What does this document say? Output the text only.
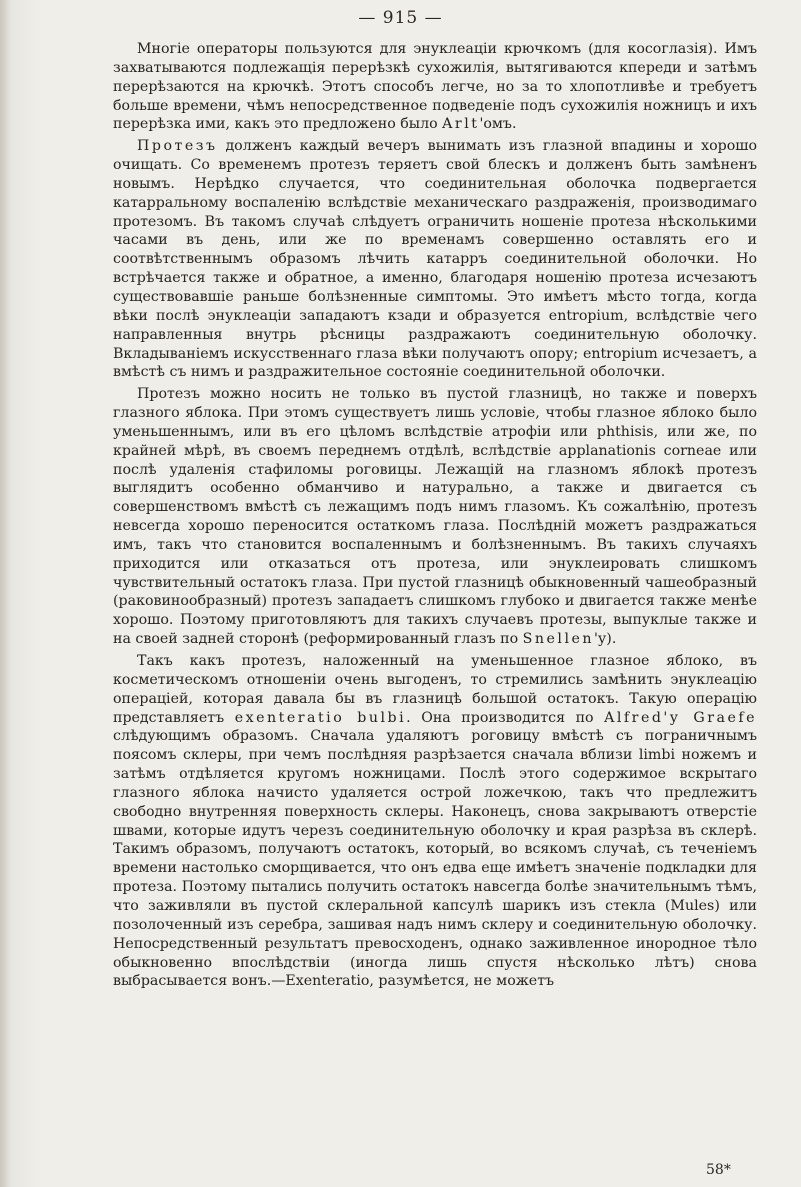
— 915 —

Многіе операторы пользуются для энуклеаціи крючкомъ (для косоглазія). Имъ захватываются подлежащія перерѣзкѣ сухожилія, вытягиваются кпереди и затѣмъ перерѣзаются на крючкѣ. Этотъ способъ легче, но за то хлопотливѣе и требуетъ больше времени, чѣмъ непосредственное подведеніе подъ сухожилія ножницъ и ихъ перерѣзка ими, какъ это предложено было Arlt'омъ.

Протезъ долженъ каждый вечеръ вынимать изъ глазной впадины и хорошо очищать. Со временемъ протезъ теряетъ свой блескъ и долженъ быть замѣненъ новымъ. Нерѣдко случается, что соединительная оболочка подвергается катарральному воспаленію вслѣдствіе механическаго раздраженія, производимаго протезомъ. Въ такомъ случаѣ слѣдуетъ ограничить ношеніе протеза нѣсколькими часами въ день, или же по временамъ совершенно оставлять его и соотвѣтственнымъ образомъ лѣчить катарръ соединительной оболочки. Но встрѣчается также и обратное, а именно, благодаря ношенію протеза исчезаютъ существовавшіе раньше болѣзненные симптомы. Это имѣетъ мѣсто тогда, когда вѣки послѣ энуклеаціи западаютъ кзади и образуется entropium, вслѣдствіе чего направленныя внутрь рѣсницы раздражаютъ соединительную оболочку. Вкладываніемъ искусственнаго глаза вѣки получаютъ опору; entropium исчезаетъ, а вмѣстѣ съ нимъ и раздражительное состояніе соединительной оболочки.

Протезъ можно носить не только въ пустой глазницѣ, но также и поверхъ глазного яблока. При этомъ существуетъ лишь условіе, чтобы глазное яблоко было уменьшеннымъ, или въ его цѣломъ вслѣдствіе атрофіи или phthisis, или же, по крайней мѣрѣ, въ своемъ переднемъ отдѣлѣ, вслѣдствіе applanationis corneae или послѣ удаленія стафиломы роговицы. Лежащій на глазномъ яблокѣ протезъ выглядитъ особенно обманчиво и натурально, а также и двигается съ совершенствомъ вмѣстѣ съ лежащимъ подъ нимъ глазомъ. Къ сожалѣнію, протезъ невсегда хорошо переносится остаткомъ глаза. Послѣдній можетъ раздражаться имъ, такъ что становится воспаленнымъ и болѣзненнымъ. Въ такихъ случаяхъ приходится или отказаться отъ протеза, или энуклеировать слишкомъ чувствительный остатокъ глаза. При пустой глазницѣ обыкновенный чашеобразный (раковинообразный) протезъ западаетъ слишкомъ глубоко и двигается также менѣе хорошо. Поэтому приготовляютъ для такихъ случаевъ протезы, выпуклые также и на своей задней сторонѣ (реформированный глазъ по Snellen'у).

Такъ какъ протезъ, наложенный на уменьшенное глазное яблоко, въ косметическомъ отношеніи очень выгоденъ, то стремились замѣнить энуклеацію операціей, которая давала бы въ глазницѣ большой остатокъ. Такую операцію представляетъ exenteratio bulbi. Она производится по Alfred'y Graefe слѣдующимъ образомъ. Сначала удаляютъ роговицу вмѣстѣ съ пограничнымъ поясомъ склеры, при чемъ послѣдняя разрѣзается сначала вблизи limbi ножемъ и затѣмъ отдѣляется кругомъ ножницами. Послѣ этого содержимое вскрытаго глазного яблока начисто удаляется острой ложечкою, такъ что предлежитъ свободно внутренняя поверхность склеры. Наконецъ, снова закрываютъ отверстіе швами, которые идутъ черезъ соединительную оболочку и края разрѣза въ склерѣ. Такимъ образомъ, получаютъ остатокъ, который, во всякомъ случаѣ, съ теченіемъ времени настолько сморщивается, что онъ едва еще имѣетъ значеніе подкладки для протеза. Поэтому пытались получить остатокъ навсегда болѣе значительнымъ тѣмъ, что заживляли въ пустой склеральной капсулѣ шарикъ изъ стекла (Mules) или позолоченный изъ серебра, зашивая надъ нимъ склеру и соединительную оболочку. Непосредственный результатъ превосходенъ, однако заживленное инородное тѣло обыкновенно впослѣдствіи (иногда лишь спустя нѣсколько лѣтъ) снова выбрасывается вонъ.—Exenteratio, разумѣется, не можетъ

58*
